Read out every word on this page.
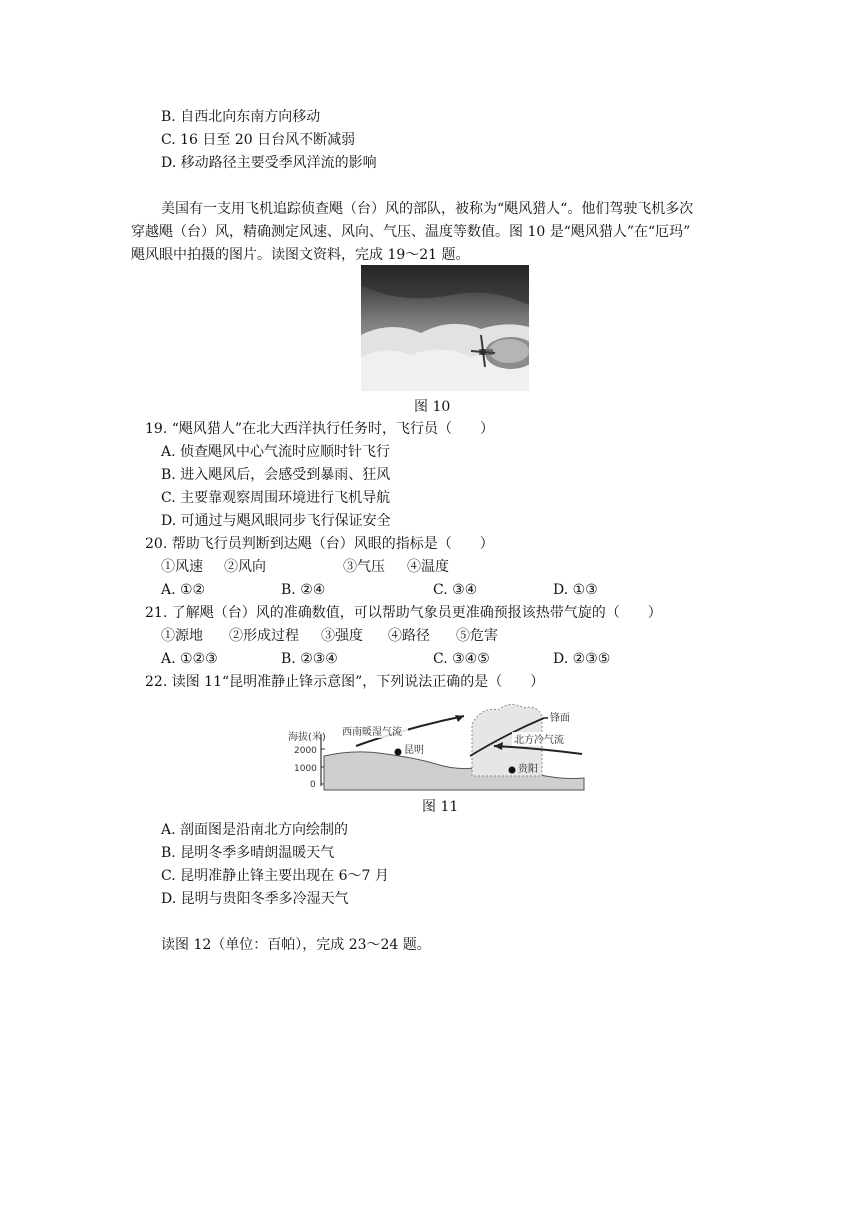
B. 自西北向东南方向移动
C. 16 日至 20 日台风不断减弱
D. 移动路径主要受季风洋流的影响
美国有一支用飞机追踪侦查飓（台）风的部队，被称为“飓风猎人“。他们驾驶飞机多次
穿越飓（台）风，精确测定风速、风向、气压、温度等数值。图 10 是“飓风猎人”在“厄玛”
飓风眼中拍摄的图片。读图文资料，完成 19～21 题。
图 10
19. “飓风猎人”在北大西洋执行任务时，飞行员（　　）
A. 侦查飓风中心气流时应顺时针飞行
B. 进入飓风后，会感受到暴雨、狂风
C. 主要靠观察周围环境进行飞机导航
D. 可通过与飓风眼同步飞行保证安全
20. 帮助飞行员判断到达飓（台）风眼的指标是（　　）
①风速 ②风向	③气压 ④温度
A. ①②	B. ②④	C. ③④	D. ①③
21. 了解飓（台）风的准确数值，可以帮助气象员更准确预报该热带气旋的（　　）
①源地 ②形成过程 ③强度 ④路径 ⑤危害
A. ①②③	B. ②③④	C. ③④⑤	D. ②③⑤
22. 读图 11“昆明准静止锋示意图”，下列说法正确的是（　　）
海拔(米)
2000
1000
0
西南暖湿气流
锋面
北方冷气流
昆明
贵阳
图 11
A. 剖面图是沿南北方向绘制的
B. 昆明冬季多晴朗温暖天气
C. 昆明准静止锋主要出现在 6～7 月
D. 昆明与贵阳冬季多冷湿天气
读图 12（单位：百帕），完成 23～24 题。
